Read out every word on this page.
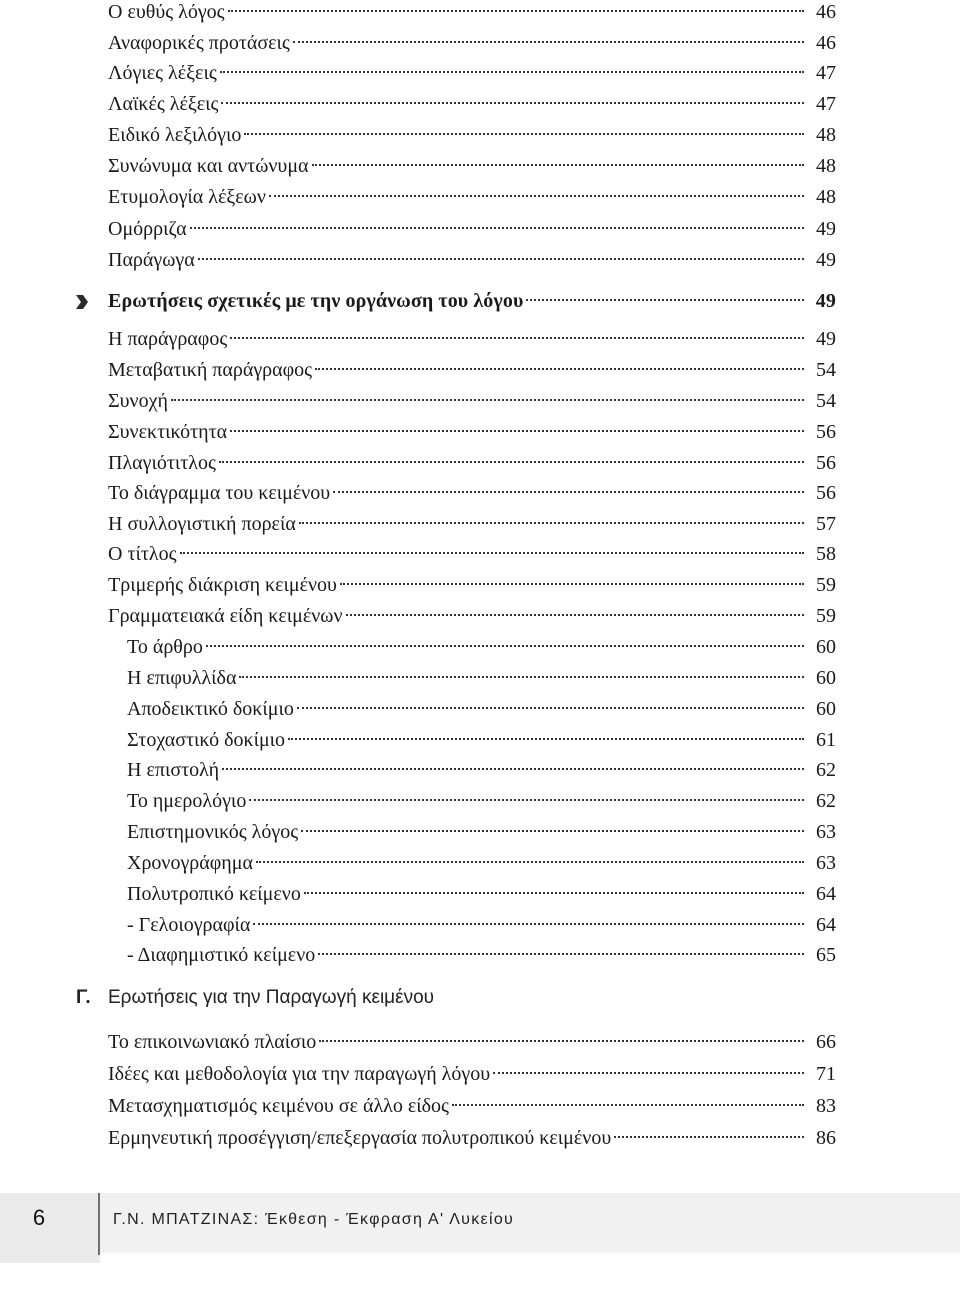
Ο ευθύς λόγος	46
Αναφορικές προτάσεις	46
Λόγιες λέξεις	47
Λαϊκές λέξεις	47
Ειδικό λεξιλόγιο	48
Συνώνυμα και αντώνυμα	48
Ετυμολογία λέξεων	48
Ομόρριζα	49
Παράγωγα	49
Ερωτήσεις σχετικές με την οργάνωση του λόγου	49
Η παράγραφος	49
Μεταβατική παράγραφος	54
Συνοχή	54
Συνεκτικότητα	56
Πλαγιότιτλος	56
Το διάγραμμα του κειμένου	56
Η συλλογιστική πορεία	57
Ο τίτλος	58
Τριμερής διάκριση κειμένου	59
Γραμματειακά είδη κειμένων	59
Το άρθρο	60
Η επιφυλλίδα	60
Αποδεικτικό δοκίμιο	60
Στοχαστικό δοκίμιο	61
Η επιστολή	62
Το ημερολόγιο	62
Επιστημονικός λόγος	63
Χρονογράφημα	63
Πολυτροπικό κείμενο	64
- Γελοιογραφία	64
- Διαφημιστικό κείμενο	65
Γ. Ερωτήσεις για την Παραγωγή κειμένου
Το επικοινωνιακό πλαίσιο	66
Ιδέες και μεθοδολογία για την παραγωγή λόγου	71
Μετασχηματισμός κειμένου σε άλλο είδος	83
Ερμηνευτική προσέγγιση/επεξεργασία πολυτροπικού κειμένου	86
6	Γ.Ν. ΜΠΑΤΖΙΝΑΣ: Έκθεση - Έκφραση Α' Λυκείου
